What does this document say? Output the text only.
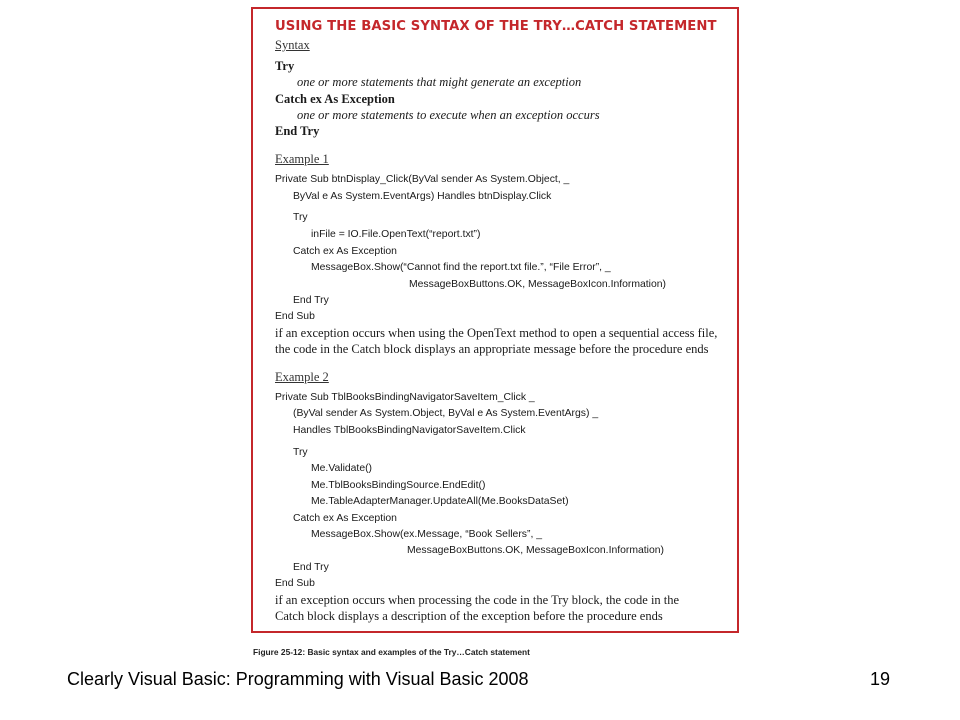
USING THE BASIC SYNTAX OF THE TRY…CATCH STATEMENT
Syntax
Try
one or more statements that might generate an exception
Catch ex As Exception
one or more statements to execute when an exception occurs
End Try
Example 1
Private Sub btnDisplay_Click(ByVal sender As System.Object, _
ByVal e As System.EventArgs) Handles btnDisplay.Click
Try
inFile = IO.File.OpenText(“report.txt”)
Catch ex As Exception
MessageBox.Show(“Cannot find the report.txt file.”, “File Error”, _
MessageBoxButtons.OK, MessageBoxIcon.Information)
End Try
End Sub
if an exception occurs when using the OpenText method to open a sequential access file,
the code in the Catch block displays an appropriate message before the procedure ends
Example 2
Private Sub TblBooksBindingNavigatorSaveItem_Click _
(ByVal sender As System.Object, ByVal e As System.EventArgs) _
Handles TblBooksBindingNavigatorSaveItem.Click
Try
Me.Validate()
Me.TblBooksBindingSource.EndEdit()
Me.TableAdapterManager.UpdateAll(Me.BooksDataSet)
Catch ex As Exception
MessageBox.Show(ex.Message, “Book Sellers”, _
MessageBoxButtons.OK, MessageBoxIcon.Information)
End Try
End Sub
if an exception occurs when processing the code in the Try block, the code in the
Catch block displays a description of the exception before the procedure ends
Figure 25-12: Basic syntax and examples of the Try…Catch statement
Clearly Visual Basic: Programming with Visual Basic 2008	19
